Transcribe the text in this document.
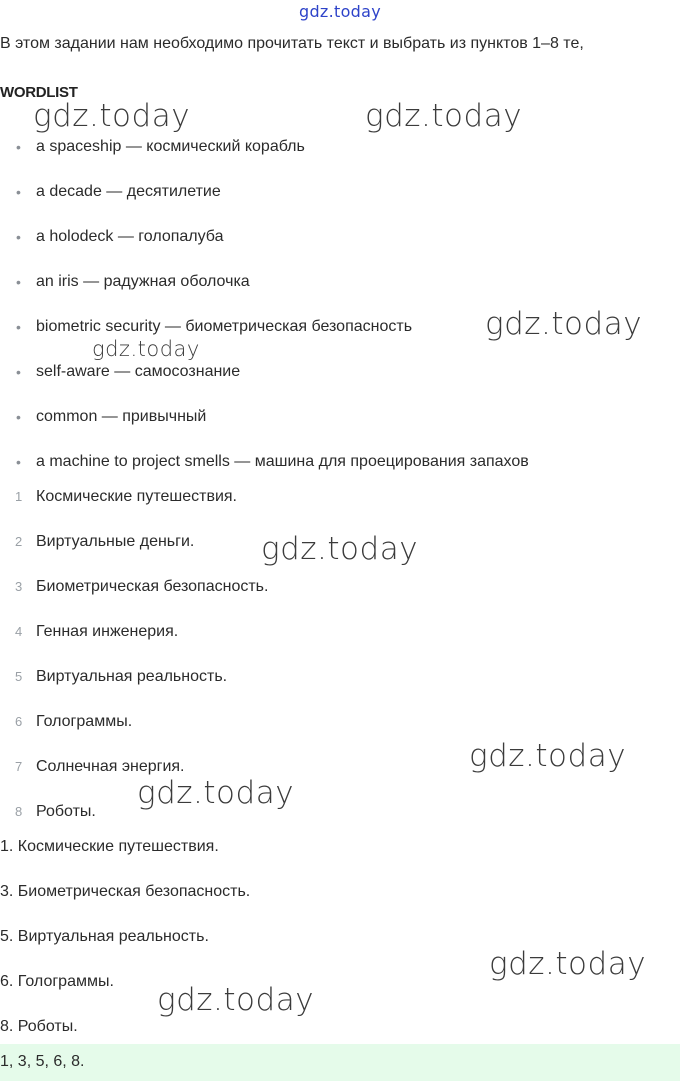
gdz.today
В этом задании нам необходимо прочитать текст и выбрать из пунктов 1–8 те,
WORDLIST
• a spaceship — космический корабль
• a decade — десятилетие
• a holodeck — голопалуба
• an iris — радужная оболочка
• biometric security — биометрическая безопасность
• self-aware — самосознание
• common — привычный
• a machine to project smells — машина для проецирования запахов
1 Космические путешествия.
2 Виртуальные деньги.
3 Биометрическая безопасность.
4 Генная инженерия.
5 Виртуальная реальность.
6 Голограммы.
7 Солнечная энергия.
8 Роботы.
1. Космические путешествия.
3. Биометрическая безопасность.
5. Виртуальная реальность.
6. Голограммы.
8. Роботы.
1, 3, 5, 6, 8.
gdz.today	gdz.today
gdz.today
gdz.today
gdz.today
gdz.today
gdz.today
gdz.today
gdz.today
